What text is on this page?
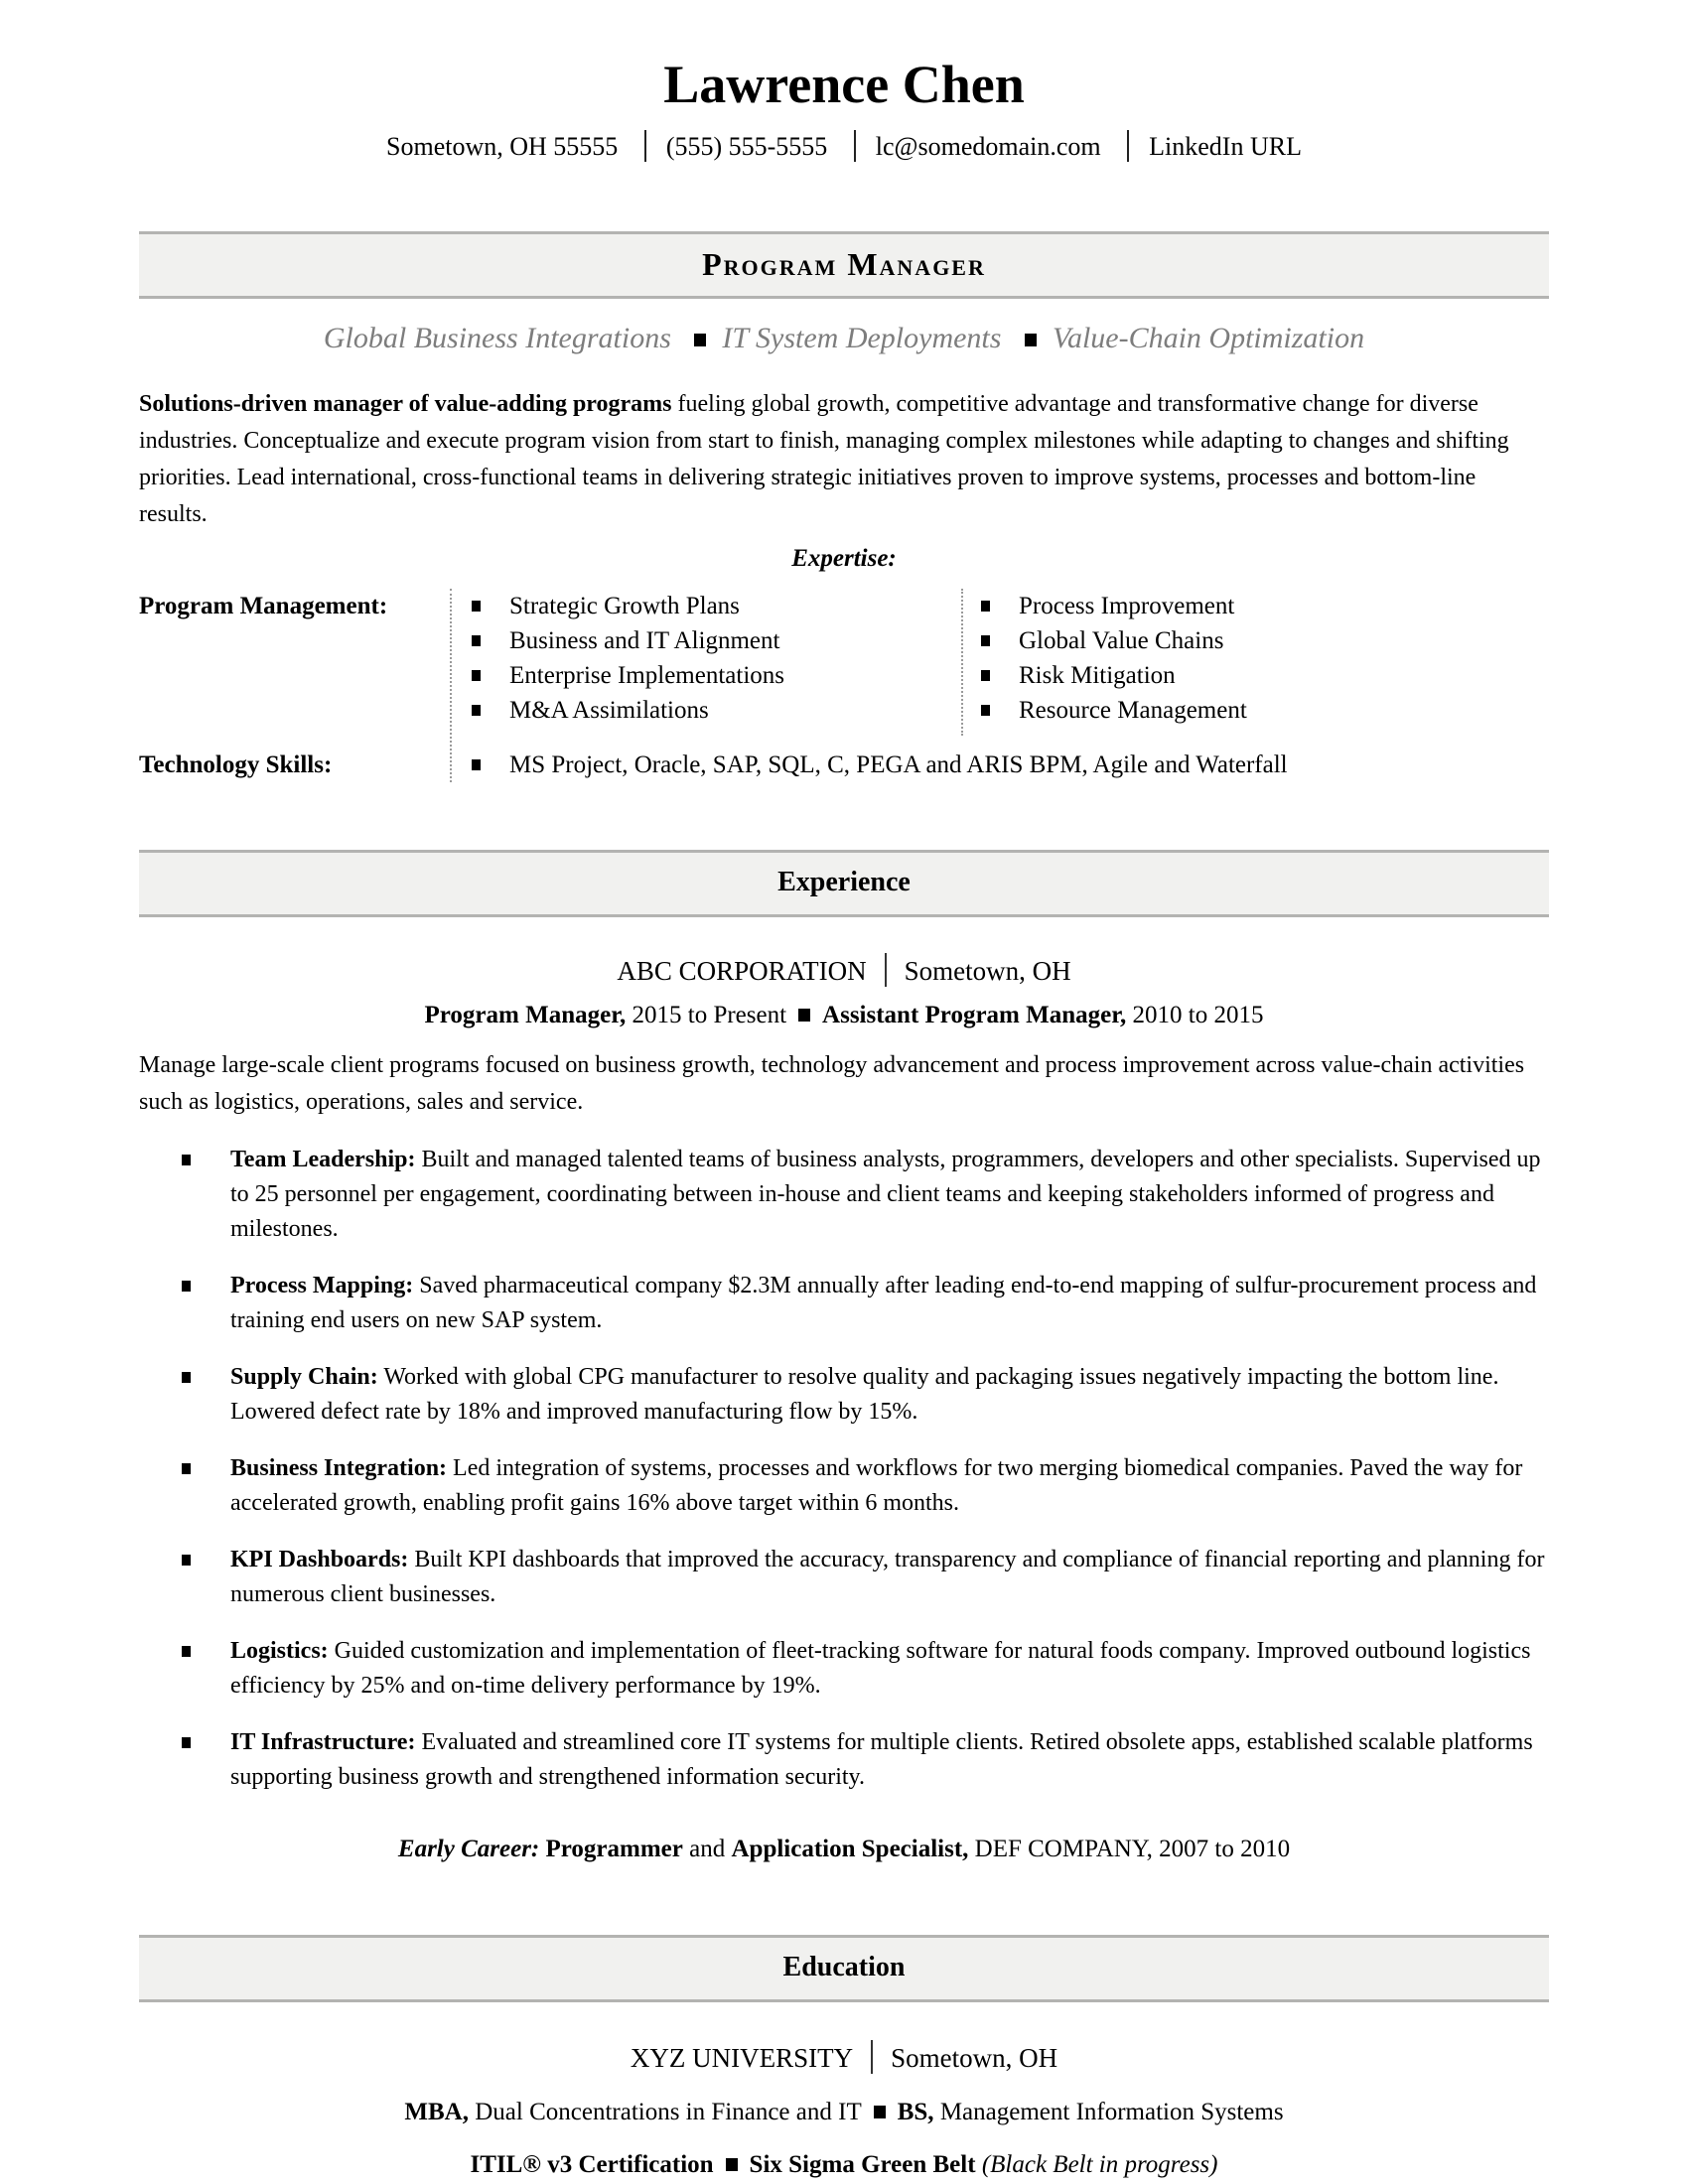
Lawrence Chen
Sometown, OH 55555 (555) 555-5555 lc@somedomain.com LinkedIn URL
Program Manager
Global Business Integrations IT System Deployments Value-Chain Optimization

Solutions-driven manager of value-adding programs fueling global growth, competitive advantage and transformative change for diverse industries. Conceptualize and execute program vision from start to finish, managing complex milestones while adapting to changes and shifting priorities. Lead international, cross-functional teams in delivering strategic initiatives proven to improve systems, processes and bottom-line results.

Expertise:
Program Management:	Strategic Growth Plans
Business and IT Alignment
Enterprise Implementations
M&A Assimilations
Process Improvement
Global Value Chains
Risk Mitigation
Resource Management
Technology Skills:	MS Project, Oracle, SAP, SQL, C, PEGA and ARIS BPM, Agile and Waterfall
Experience
ABC CORPORATION Sometown, OH
Program Manager, 2015 to Present Assistant Program Manager, 2010 to 2015

Manage large-scale client programs focused on business growth, technology advancement and process improvement across value-chain activities such as logistics, operations, sales and service.

Team Leadership: Built and managed talented teams of business analysts, programmers, developers and other specialists. Supervised up to 25 personnel per engagement, coordinating between in-house and client teams and keeping stakeholders informed of progress and milestones.

Process Mapping: Saved pharmaceutical company $2.3M annually after leading end-to-end mapping of sulfur-procurement process and training end users on new SAP system.

Supply Chain: Worked with global CPG manufacturer to resolve quality and packaging issues negatively impacting the bottom line. Lowered defect rate by 18% and improved manufacturing flow by 15%.

Business Integration: Led integration of systems, processes and workflows for two merging biomedical companies. Paved the way for accelerated growth, enabling profit gains 16% above target within 6 months.

KPI Dashboards: Built KPI dashboards that improved the accuracy, transparency and compliance of financial reporting and planning for numerous client businesses.

Logistics: Guided customization and implementation of fleet-tracking software for natural foods company. Improved outbound logistics efficiency by 25% and on-time delivery performance by 19%.

IT Infrastructure: Evaluated and streamlined core IT systems for multiple clients. Retired obsolete apps, established scalable platforms supporting business growth and strengthened information security.

Early Career: Programmer and Application Specialist, DEF COMPANY, 2007 to 2010
Education
XYZ UNIVERSITY Sometown, OH
MBA, Dual Concentrations in Finance and IT BS, Management Information Systems
ITIL® v3 Certification Six Sigma Green Belt (Black Belt in progress)
